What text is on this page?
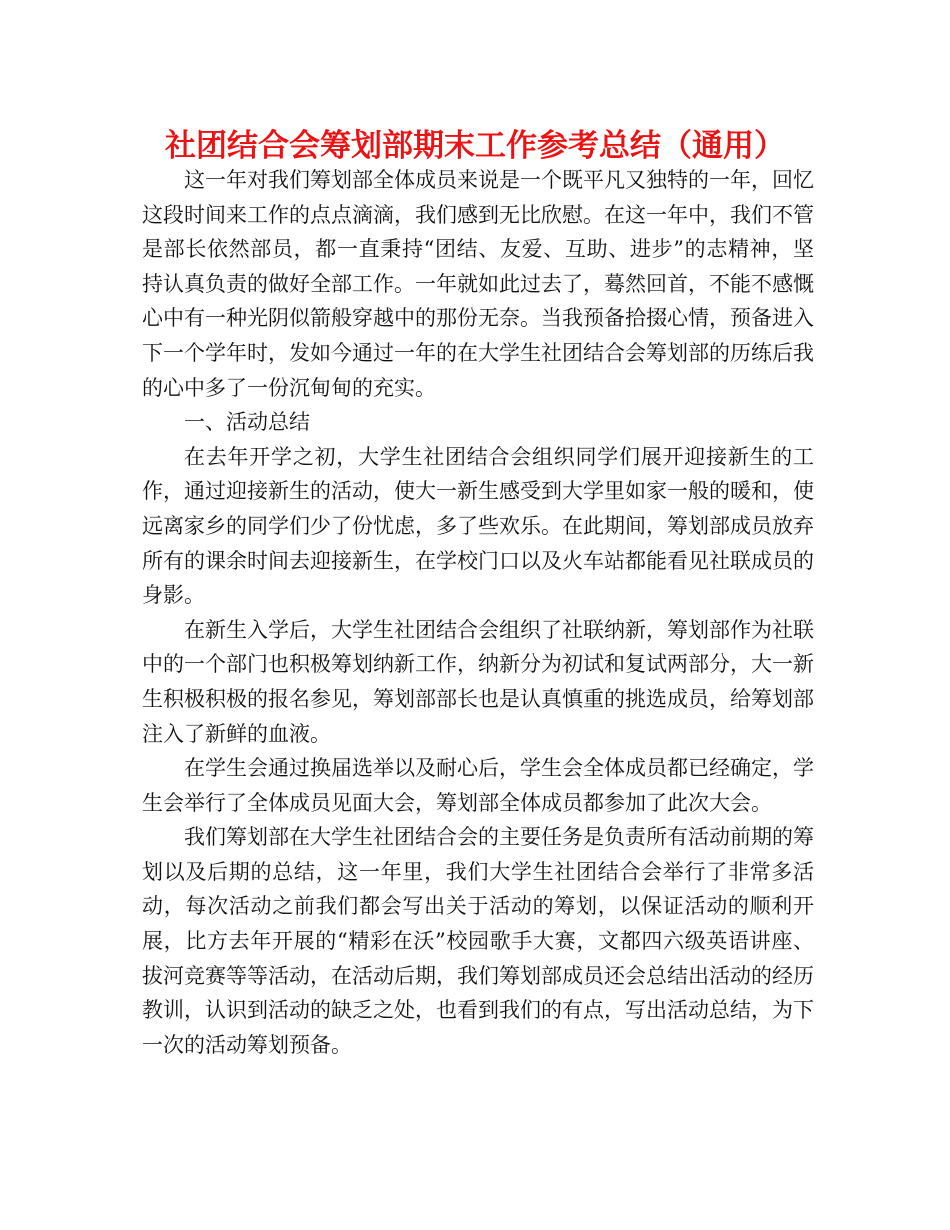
社团结合会筹划部期末工作参考总结（通用）

这一年对我们筹划部全体成员来说是一个既平凡又独特的一年，回忆这段时间来工作的点点滴滴，我们感到无比欣慰。在这一年中，我们不管是部长依然部员，都一直秉持“团结、友爱、互助、进步”的志精神，坚持认真负责的做好全部工作。一年就如此过去了，蓦然回首，不能不感慨心中有一种光阴似箭般穿越中的那份无奈。当我预备拾掇心情，预备进入下一个学年时，发如今通过一年的在大学生社团结合会筹划部的历练后我的心中多了一份沉甸甸的充实。

一、活动总结

在去年开学之初，大学生社团结合会组织同学们展开迎接新生的工作，通过迎接新生的活动，使大一新生感受到大学里如家一般的暖和，使远离家乡的同学们少了份忧虑，多了些欢乐。在此期间，筹划部成员放弃所有的课余时间去迎接新生，在学校门口以及火车站都能看见社联成员的身影。

在新生入学后，大学生社团结合会组织了社联纳新，筹划部作为社联中的一个部门也积极筹划纳新工作，纳新分为初试和复试两部分，大一新生积极积极的报名参见，筹划部部长也是认真慎重的挑选成员，给筹划部注入了新鲜的血液。

在学生会通过换届选举以及耐心后，学生会全体成员都已经确定，学生会举行了全体成员见面大会，筹划部全体成员都参加了此次大会。

我们筹划部在大学生社团结合会的主要任务是负责所有活动前期的筹划以及后期的总结，这一年里，我们大学生社团结合会举行了非常多活动，每次活动之前我们都会写出关于活动的筹划，以保证活动的顺利开展，比方去年开展的“精彩在沃”校园歌手大赛，文都四六级英语讲座、拔河竞赛等等活动，在活动后期，我们筹划部成员还会总结出活动的经历教训，认识到活动的缺乏之处，也看到我们的有点，写出活动总结，为下一次的活动筹划预备。
